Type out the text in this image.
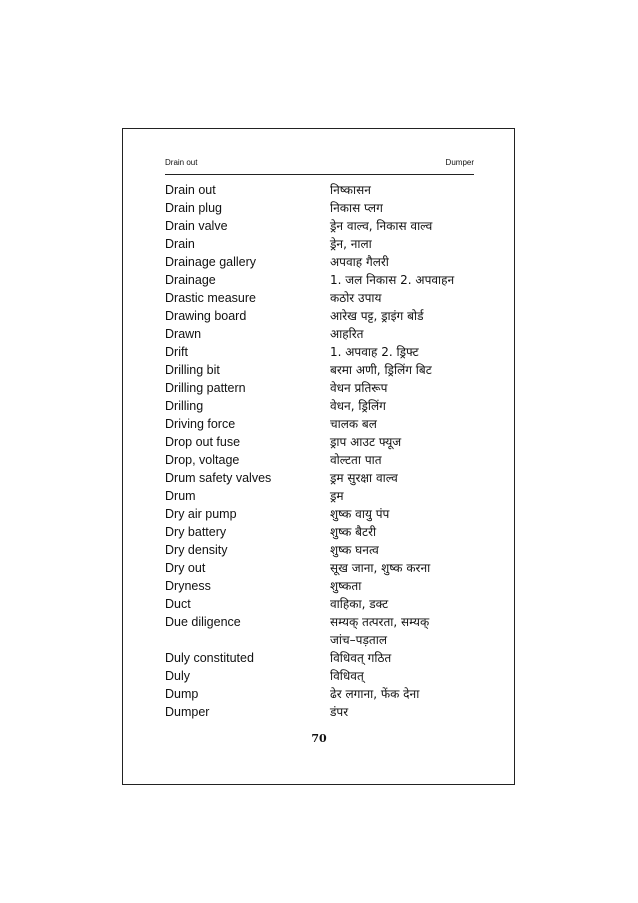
Drain out	Dumper
Drain out	निष्कासन
Drain plug	निकास प्लग
Drain valve	ड्रेन वाल्व, निकास वाल्व
Drain	ड्रेन, नाला
Drainage gallery	अपवाह गैलरी
Drainage	1. जल निकास 2. अपवाहन
Drastic measure	कठोर उपाय
Drawing board	आरेख पट्ट, ड्राइंग बोर्ड
Drawn	आहरित
Drift	1. अपवाह 2. ड्रिफ्ट
Drilling bit	बरमा अणी, ड्रिलिंग बिट
Drilling pattern	वेधन प्रतिरूप
Drilling	वेधन, ड्रिलिंग
Driving force	चालक बल
Drop out fuse	ड्राप आउट फ्यूज
Drop, voltage	वोल्टता पात
Drum safety valves	ड्रम सुरक्षा वाल्व
Drum	ड्रम
Dry air pump	शुष्क वायु पंप
Dry battery	शुष्क बैटरी
Dry density	शुष्क घनत्व
Dry out	सूख जाना, शुष्क करना
Dryness	शुष्कता
Duct	वाहिका, डक्ट
Due diligence	सम्यक् तत्परता, सम्यक्
जांच–पड़ताल
Duly constituted	विधिवत् गठित
Duly	विधिवत्
Dump	ढेर लगाना, फेंक देना
Dumper	डंपर
70
